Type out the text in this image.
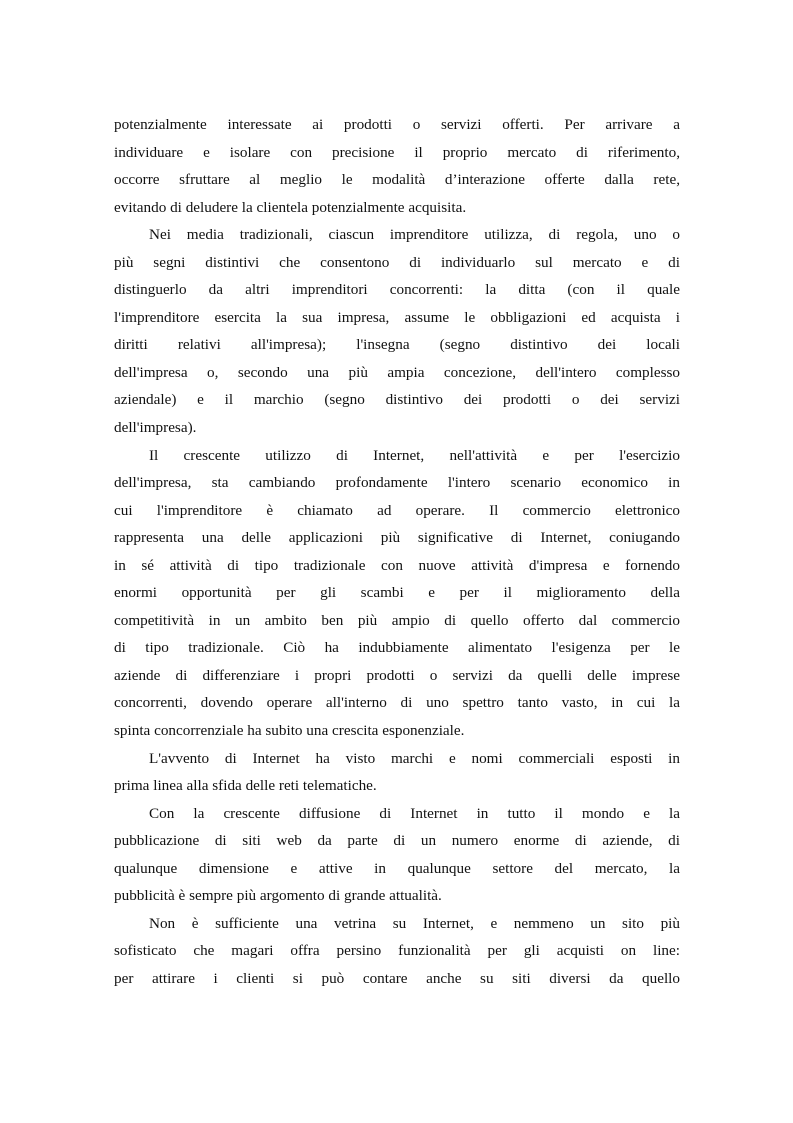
potenzialmente interessate ai prodotti o servizi offerti. Per arrivare a
individuare e isolare con precisione il proprio mercato di riferimento,
occorre sfruttare al meglio le modalità d’interazione offerte dalla rete,
evitando di deludere la clientela potenzialmente acquisita.
Nei media tradizionali, ciascun imprenditore utilizza, di regola, uno o
più segni distintivi che consentono di individuarlo sul mercato e di
distinguerlo da altri imprenditori concorrenti: la ditta (con il quale
l'imprenditore esercita la sua impresa, assume le obbligazioni ed acquista i
diritti relativi all'impresa); l'insegna (segno distintivo dei locali
dell'impresa o, secondo una più ampia concezione, dell'intero complesso
aziendale) e il marchio (segno distintivo dei prodotti o dei servizi
dell'impresa).
Il crescente utilizzo di Internet, nell'attività e per l'esercizio
dell'impresa, sta cambiando profondamente l'intero scenario economico in
cui l'imprenditore è chiamato ad operare. Il commercio elettronico
rappresenta una delle applicazioni più significative di Internet, coniugando
in sé attività di tipo tradizionale con nuove attività d'impresa e fornendo
enormi opportunità per gli scambi e per il miglioramento della
competitività in un ambito ben più ampio di quello offerto dal commercio
di tipo tradizionale. Ciò ha indubbiamente alimentato l'esigenza per le
aziende di differenziare i propri prodotti o servizi da quelli delle imprese
concorrenti, dovendo operare all'interno di uno spettro tanto vasto, in cui la
spinta concorrenziale ha subito una crescita esponenziale.
L'avvento di Internet ha visto marchi e nomi commerciali esposti in
prima linea alla sfida delle reti telematiche.
Con la crescente diffusione di Internet in tutto il mondo e la
pubblicazione di siti web da parte di un numero enorme di aziende, di
qualunque dimensione e attive in qualunque settore del mercato, la
pubblicità è sempre più argomento di grande attualità.
Non è sufficiente una vetrina su Internet, e nemmeno un sito più
sofisticato che magari offra persino funzionalità per gli acquisti on line:
per attirare i clienti si può contare anche su siti diversi da quello
